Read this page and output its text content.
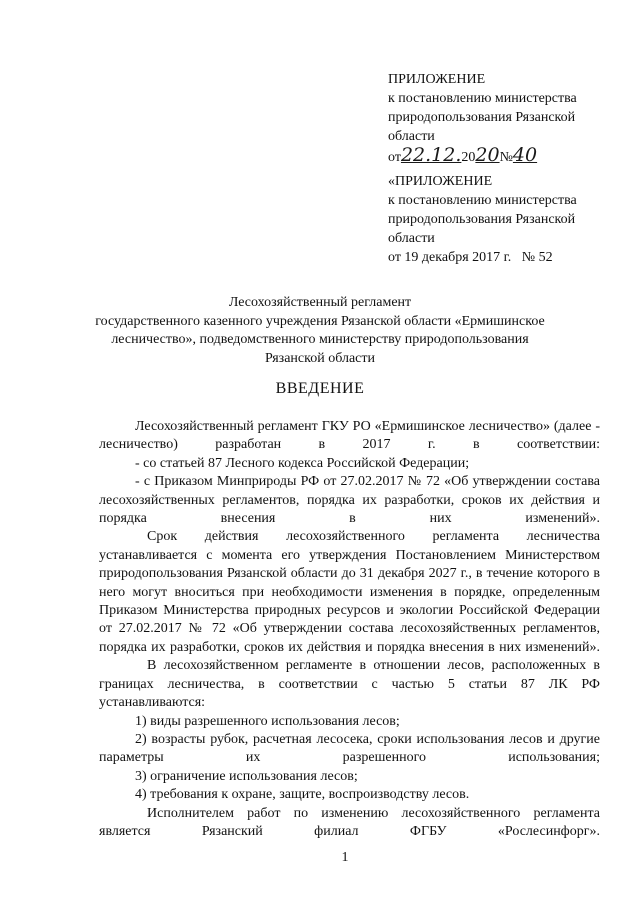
ПРИЛОЖЕНИЕ
к постановлению министерства
природопользования Рязанской
области
от22.12.2020№40
«ПРИЛОЖЕНИЕ
к постановлению министерства
природопользования Рязанской
области
от 19 декабря 2017 г.   № 52
Лесохозяйственный регламент
государственного казенного учреждения Рязанской области «Ермишинское
лесничество», подведомственного министерству природопользования
Рязанской области
ВВЕДЕНИЕ

Лесохозяйственный регламент ГКУ РО «Ермишинское лесничество» (далее - лесничество) разработан в 2017 г. в соответствии:

- со статьей 87 Лесного кодекса Российской Федерации;

- с Приказом Минприроды РФ от 27.02.2017 № 72 «Об утверждении состава лесохозяйственных регламентов, порядка их разработки, сроков их действия и порядка внесения в них изменений».

Срок действия лесохозяйственного регламента лесничества устанавливается с момента его утверждения Постановлением Министерством природопользования Рязанской области до 31 декабря 2027 г., в течение которого в него могут вноситься при необходимости изменения в порядке, определенным Приказом Министерства природных ресурсов и экологии Российской Федерации от 27.02.2017 № 72 «Об утверждении состава лесохозяйственных регламентов, порядка их разработки, сроков их действия и порядка внесения в них изменений».

В лесохозяйственном регламенте в отношении лесов, расположенных в границах лесничества, в соответствии с частью 5 статьи 87 ЛК РФ устанавливаются:

1) виды разрешенного использования лесов;

2) возрасты рубок, расчетная лесосека, сроки использования лесов и другие параметры их разрешенного использования;

3) ограничение использования лесов;

4) требования к охране, защите, воспроизводству лесов.

Исполнителем работ по изменению лесохозяйственного регламента является Рязанский филиал ФГБУ «Рослесинфорг».

1
